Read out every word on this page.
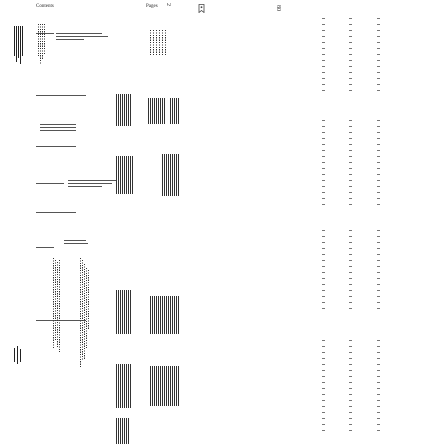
Contents	Pages 2
80
